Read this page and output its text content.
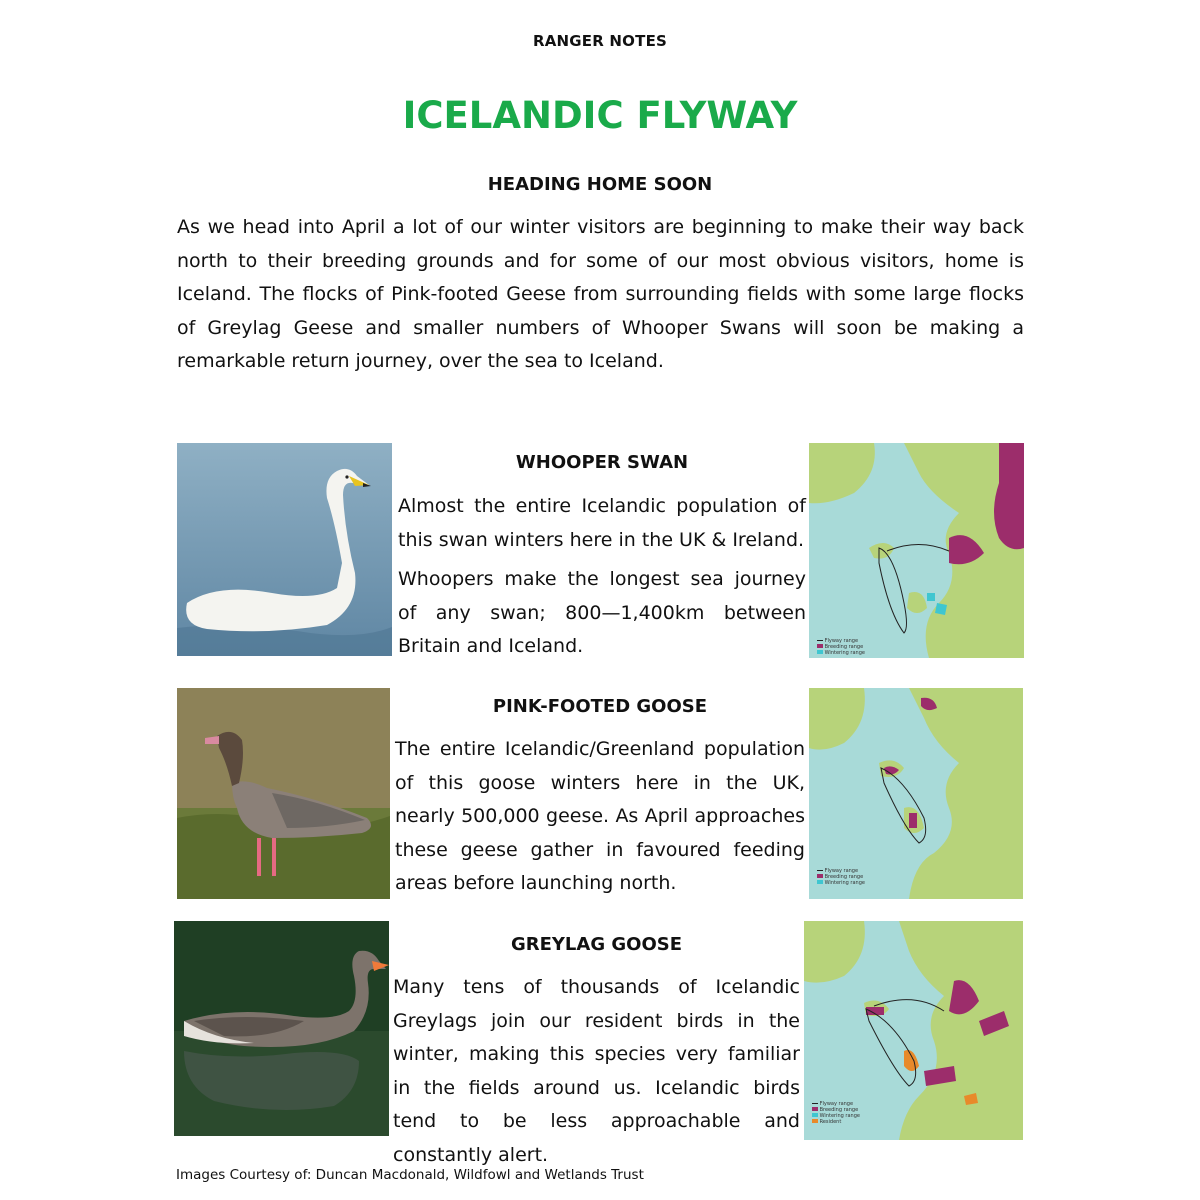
RANGER NOTES
ICELANDIC FLYWAY
HEADING HOME SOON
As we head into April a lot of our winter visitors are beginning to make their way back north to their breeding grounds and for some of our most obvious visitors, home is Iceland. The flocks of Pink-footed Geese from surrounding fields with some large flocks of Greylag Geese and smaller numbers of Whooper Swans will soon be making a remarkable return journey, over the sea to Iceland.
WHOOPER SWAN

Almost the entire Icelandic population of this swan winters here in the UK & Ireland.

Whoopers make the longest sea journey of any swan; 800—1,400km between Britain and Iceland.	Flyway range
Breeding range
Wintering range
PINK-FOOTED GOOSE

The entire Icelandic/Greenland population of this goose winters here in the UK, nearly 500,000 geese. As April approaches these geese gather in favoured feeding areas before launching north.

Flyway range
Breeding range
Wintering range
GREYLAG GOOSE

Many tens of thousands of Icelandic Greylags join our resident birds in the winter, making this species very familiar in the fields around us. Icelandic birds tend to be less approachable and constantly alert.

Flyway range
Breeding range
Wintering range
Resident
Images Courtesy of: Duncan Macdonald, Wildfowl and Wetlands Trust
